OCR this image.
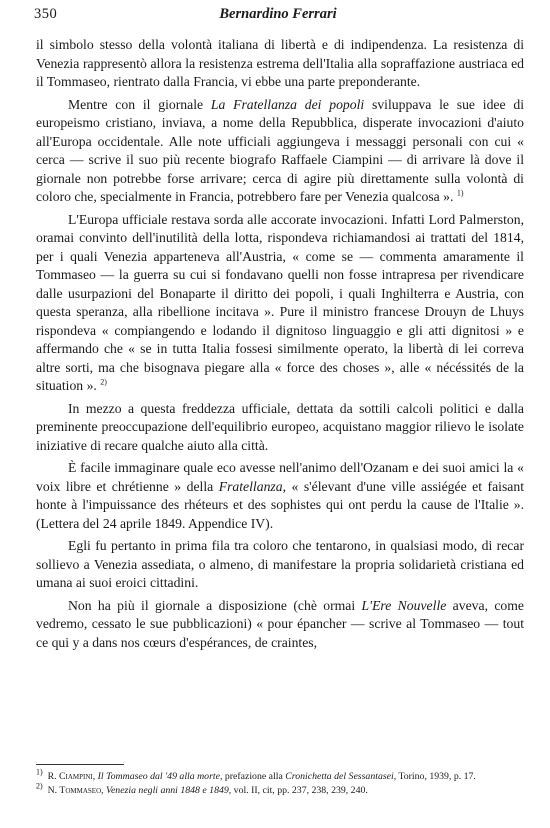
350	Bernardino Ferrari

il simbolo stesso della volontà italiana di libertà e di indipendenza. La resistenza di Venezia rappresentò allora la resistenza estrema dell'Italia alla sopraffazione austriaca ed il Tommaseo, rientrato dalla Francia, vi ebbe una parte preponderante.

Mentre con il giornale La Fratellanza dei popoli sviluppava le sue idee di europeismo cristiano, inviava, a nome della Repubblica, disperate invocazioni d'aiuto all'Europa occidentale. Alle note ufficiali aggiungeva i messaggi personali con cui « cerca — scrive il suo più recente biografo Raffaele Ciampini — di arrivare là dove il giornale non potrebbe forse arrivare; cerca di agire più direttamente sulla volontà di coloro che, specialmente in Francia, potrebbero fare per Venezia qualcosa ». $^{1)}$

L'Europa ufficiale restava sorda alle accorate invocazioni. Infatti Lord Palmerston, oramai convinto dell'inutilità della lotta, rispondeva richiamandosi ai trattati del 1814, per i quali Venezia apparteneva all'Austria, « come se — commenta amaramente il Tommaseo — la guerra su cui si fondavano quelli non fosse intrapresa per rivendicare dalle usurpazioni del Bonaparte il diritto dei popoli, i quali Inghilterra e Austria, con questa speranza, alla ribellione incitava ». Pure il ministro francese Drouyn de Lhuys rispondeva « compiangendo e lodando il dignitoso linguaggio e gli atti dignitosi » e affermando che « se in tutta Italia fossesi similmente operato, la libertà di lei correva altre sorti, ma che bisognava piegare alla « force des choses », alle « nécéssités de la situation ». $^{2)}$

In mezzo a questa freddezza ufficiale, dettata da sottili calcoli politici e dalla preminente preoccupazione dell'equilibrio europeo, acquistano maggior rilievo le isolate iniziative di recare qualche aiuto alla città.

È facile immaginare quale eco avesse nell'animo dell'Ozanam e dei suoi amici la « voix libre et chrétienne » della Fratellanza, « s'élevant d'une ville assiégée et faisant honte à l'impuissance des rhéteurs et des sophistes qui ont perdu la cause de l'Italie ». (Lettera del 24 aprile 1849. Appendice IV).

Egli fu pertanto in prima fila tra coloro che tentarono, in qualsiasi modo, di recar sollievo a Venezia assediata, o almeno, di manifestare la propria solidarietà cristiana ed umana ai suoi eroici cittadini.

Non ha più il giornale a disposizione (chè ormai L'Ere Nouvelle aveva, come vedremo, cessato le sue pubblicazioni) « pour épancher — scrive al Tommaseo — tout ce qui y a dans nos cœurs d'espérances, de craintes,

$^{1)}$ R. Ciampini, Il Tommaseo dal '49 alla morte, prefazione alla Cronichetta del Sessantasei, Torino, 1939, p. 17.

$^{2)}$ N. Tommaseo, Venezia negli anni 1848 e 1849, vol. II, cit, pp. 237, 238, 239, 240.
